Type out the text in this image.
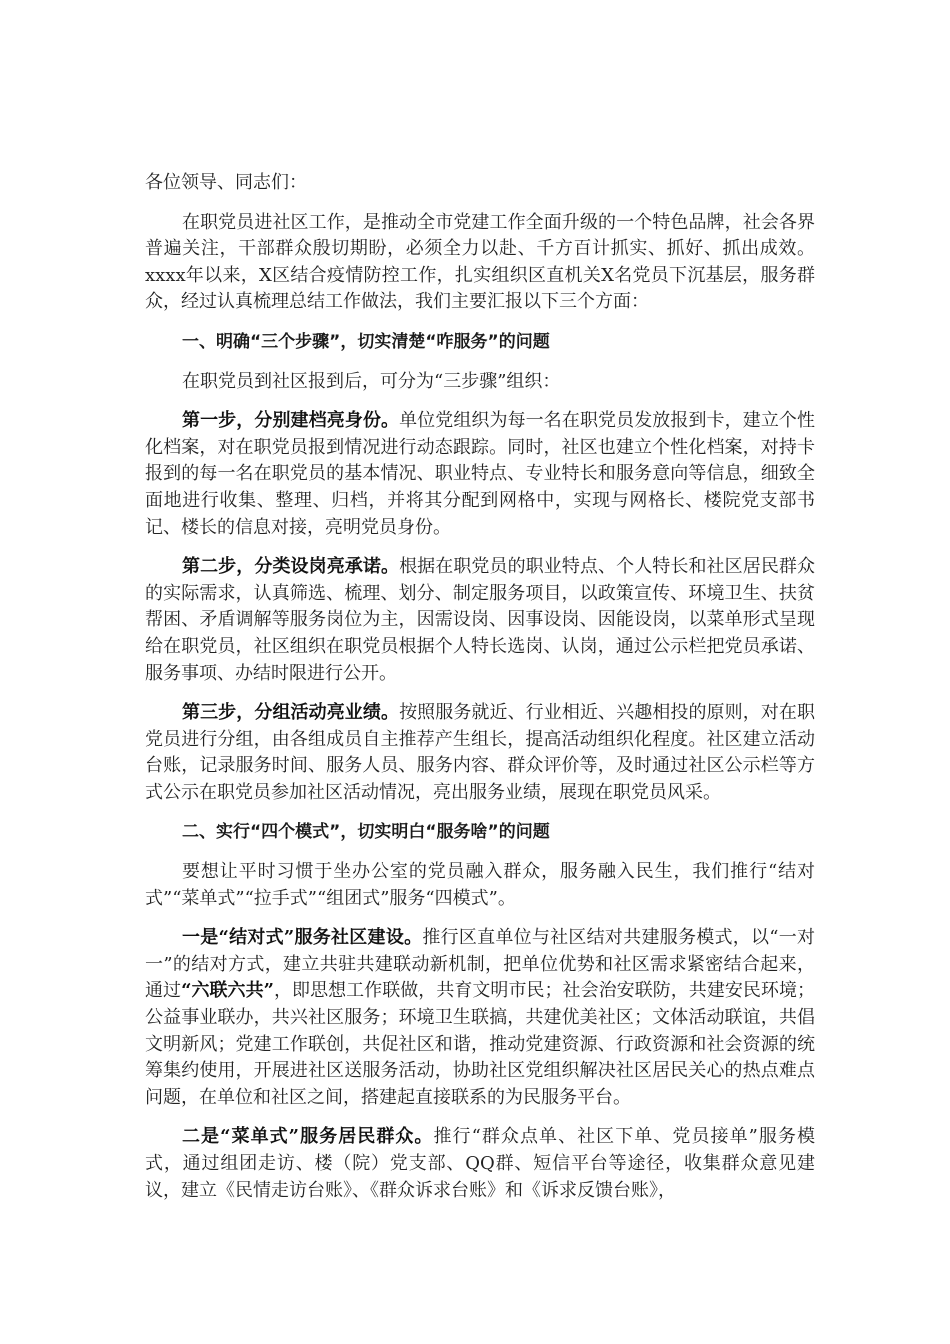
各位领导、同志们：

在职党员进社区工作，是推动全市党建工作全面升级的一个特色品牌，社会各界普遍关注，干部群众殷切期盼，必须全力以赴、千方百计抓实、抓好、抓出成效。xxxx年以来，X区结合疫情防控工作，扎实组织区直机关X名党员下沉基层，服务群众，经过认真梳理总结工作做法，我们主要汇报以下三个方面：

一、明确“三个步骤”，切实清楚“咋服务”的问题

在职党员到社区报到后，可分为“三步骤”组织：

第一步，分别建档亮身份。单位党组织为每一名在职党员发放报到卡，建立个性化档案，对在职党员报到情况进行动态跟踪。同时，社区也建立个性化档案，对持卡报到的每一名在职党员的基本情况、职业特点、专业特长和服务意向等信息，细致全面地进行收集、整理、归档，并将其分配到网格中，实现与网格长、楼院党支部书记、楼长的信息对接，亮明党员身份。

第二步，分类设岗亮承诺。根据在职党员的职业特点、个人特长和社区居民群众的实际需求，认真筛选、梳理、划分、制定服务项目，以政策宣传、环境卫生、扶贫帮困、矛盾调解等服务岗位为主，因需设岗、因事设岗、因能设岗，以菜单形式呈现给在职党员，社区组织在职党员根据个人特长选岗、认岗，通过公示栏把党员承诺、服务事项、办结时限进行公开。

第三步，分组活动亮业绩。按照服务就近、行业相近、兴趣相投的原则，对在职党员进行分组，由各组成员自主推荐产生组长，提高活动组织化程度。社区建立活动台账，记录服务时间、服务人员、服务内容、群众评价等，及时通过社区公示栏等方式公示在职党员参加社区活动情况，亮出服务业绩，展现在职党员风采。

二、实行“四个模式”，切实明白“服务啥”的问题

要想让平时习惯于坐办公室的党员融入群众，服务融入民生，我们推行“结对式”“菜单式”“拉手式”“组团式”服务“四模式”。

一是“结对式”服务社区建设。推行区直单位与社区结对共建服务模式，以“一对一”的结对方式，建立共驻共建联动新机制，把单位优势和社区需求紧密结合起来，通过“六联六共”，即思想工作联做，共育文明市民；社会治安联防，共建安民环境；公益事业联办，共兴社区服务；环境卫生联搞，共建优美社区；文体活动联谊，共倡文明新风；党建工作联创，共促社区和谐，推动党建资源、行政资源和社会资源的统筹集约使用，开展进社区送服务活动，协助社区党组织解决社区居民关心的热点难点问题，在单位和社区之间，搭建起直接联系的为民服务平台。

二是“菜单式”服务居民群众。推行“群众点单、社区下单、党员接单”服务模式，通过组团走访、楼（院）党支部、QQ群、短信平台等途径，收集群众意见建议，建立《民情走访台账》、《群众诉求台账》和《诉求反馈台账》，
